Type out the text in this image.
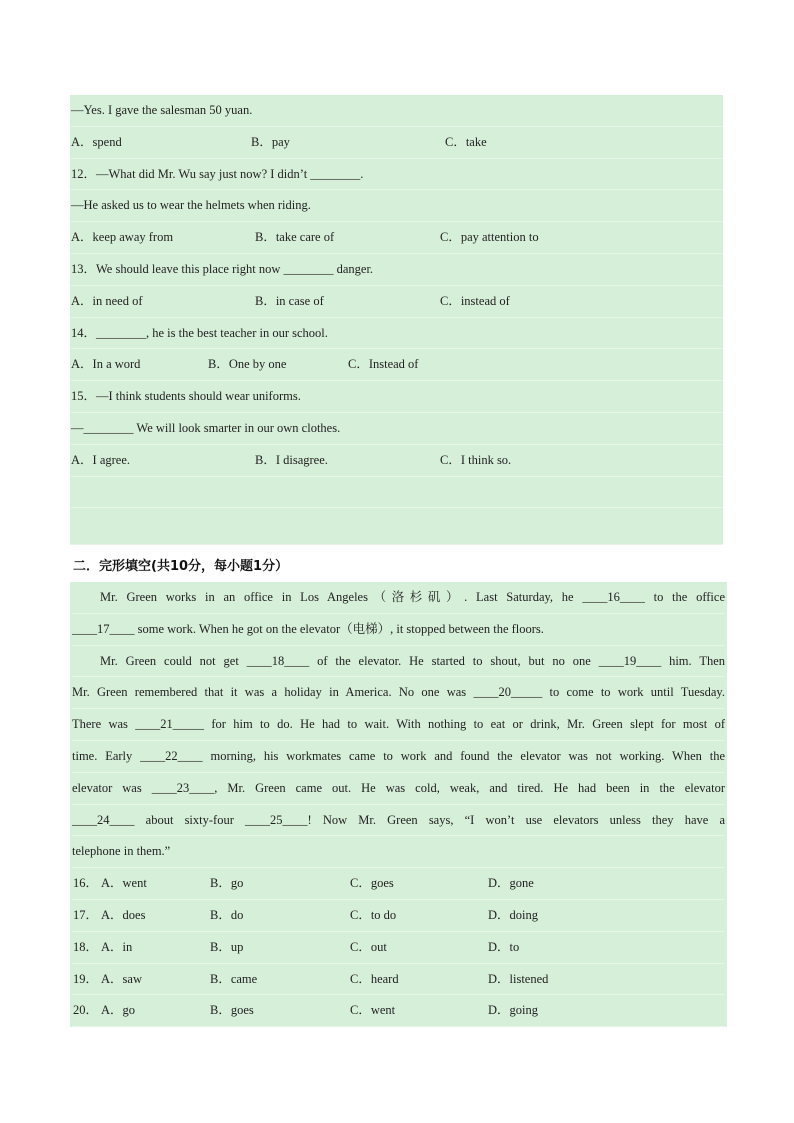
—Yes. I gave the salesman 50 yuan.
A．spend	B．pay	C．take
12．—What did Mr. Wu say just now? I didn’t ________.
—He asked us to wear the helmets when riding.
A．keep away from	B．take care of	C．pay attention to
13．We should leave this place right now ________ danger.
A．in need of	B．in case of	C．instead of
14．________, he is the best teacher in our school.
A．In a word	B．One by one	C．Instead of
15．—I think students should wear uniforms.
—________ We will look smarter in our own clothes.
A．I agree.	B．I disagree.	C．I think so.
二．完形填空(共10分，每小题1分）
Mr. Green works in an office in Los Angeles（洛杉矶）. Last Saturday, he ____16____ to the office
____17____ some work. When he got on the elevator（电梯）, it stopped between the floors.
Mr. Green could not get ____18____ of the elevator. He started to shout, but no one ____19____ him. Then
Mr. Green remembered that it was a holiday in America. No one was ____20_____ to come to work until Tuesday.
There was ____21_____ for him to do. He had to wait. With nothing to eat or drink, Mr. Green slept for most of
time. Early ____22____ morning, his workmates came to work and found the elevator was not working. When the
elevator was ____23____, Mr. Green came out. He was cold, weak, and tired. He had been in the elevator
____24____ about sixty-four ____25____! Now Mr. Green says, “I won’t use elevators unless they have a
telephone in them.”
16． A．went	B．go	C．goes	D．gone
17． A．does	B．do	C．to do	D．doing
18． A．in	B．up	C．out	D．to
19． A．saw	B．came	C．heard	D．listened
20． A．go	B．goes	C．went	D．going
